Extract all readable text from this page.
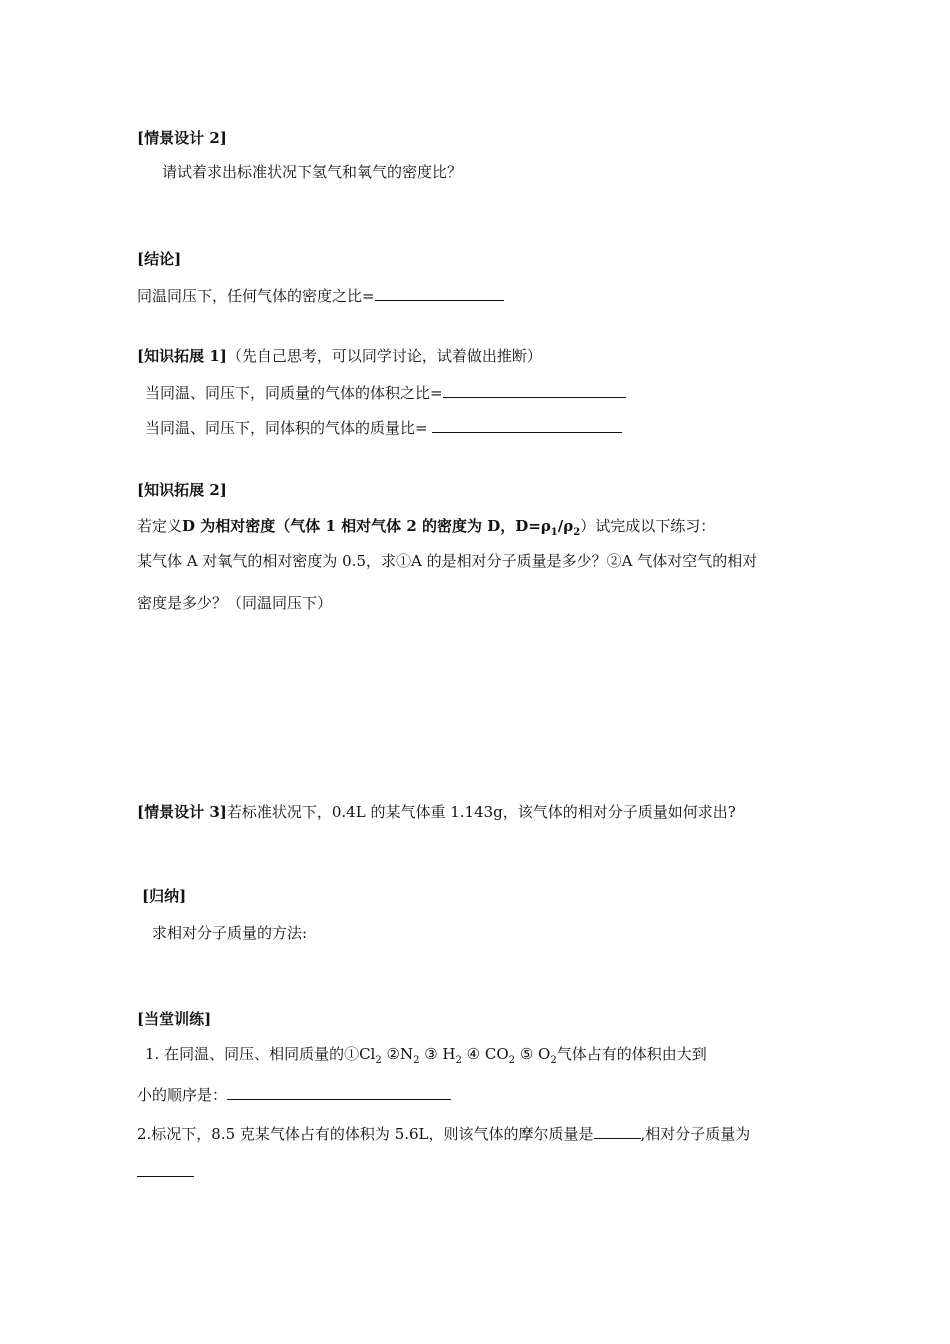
[情景设计 2]
请试着求出标准状况下氢气和氧气的密度比？
[结论]
同温同压下，任何气体的密度之比=
[知识拓展 1]（先自己思考，可以同学讨论，试着做出推断）
当同温、同压下，同质量的气体的体积之比=
当同温、同压下，同体积的气体的质量比=
[知识拓展 2]
若定义D 为相对密度（气体 1 相对气体 2 的密度为 D，$D=\rho_1/\rho_2$）试完成以下练习：
某气体 A 对氧气的相对密度为 0.5，求①A 的是相对分子质量是多少？②A 气体对空气的相对
密度是多少？（同温同压下）
[情景设计 3]若标准状况下，0.4L 的某气体重 1.143g，该气体的相对分子质量如何求出?
[归纳]
求相对分子质量的方法:
[当堂训练]
1. 在同温、同压、相同质量的$①Cl_2$ $②N_2$ ③ $H_2$ ④ $CO_2$ ⑤ $O_2$气体占有的体积由大到
小的顺序是：
2.标况下，8.5 克某气体占有的体积为 5.6L，则该气体的摩尔质量是	,相对分子质量为
